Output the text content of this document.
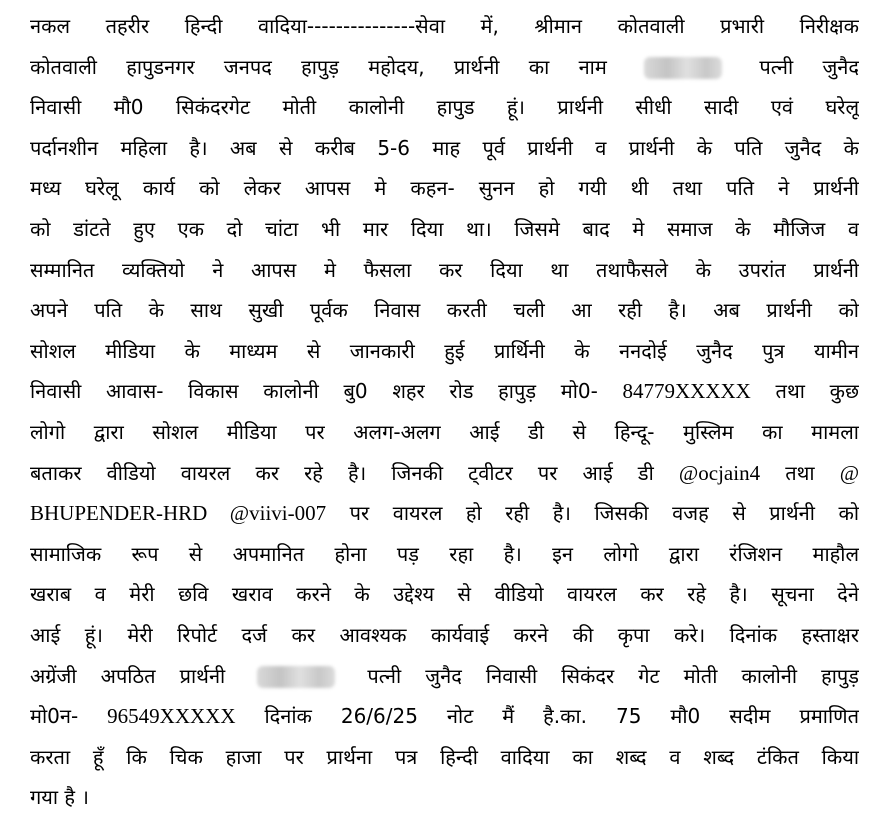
नकल तहरीर हिन्दी वादिया---------------सेवा में, श्रीमान कोतवाली प्रभारी निरीक्षक
कोतवाली हापुडनगर जनपद हापुड़ महोदय, प्रार्थनी का नाम	पत्नी जुनैद
निवासी मौ0 सिकंदरगेट मोती कालोनी हापुड हूं। प्रार्थनी सीधी सादी एवं घरेलू
पर्दानशीन महिला है। अब से करीब 5-6 माह पूर्व प्रार्थनी व प्रार्थनी के पति जुनैद के
मध्य घरेलू कार्य को लेकर आपस मे कहन- सुनन हो गयी थी तथा पति ने प्रार्थनी
को डांटते हुए एक दो चांटा भी मार दिया था। जिसमे बाद मे समाज के मौजिज व
सम्मानित व्यक्तियो ने आपस मे फैसला कर दिया था तथाफैसले के उपरांत प्रार्थनी
अपने पति के साथ सुखी पूर्वक निवास करती चली आ रही है। अब प्रार्थनी को
सोशल मीडिया के माध्यम से जानकारी हुई प्रार्थिनी के ननदोई जुनैद पुत्र यामीन
निवासी आवास- विकास कालोनी बु0 शहर रोड हापुड़ मो0- 84779XXXXX तथा कुछ
लोगो द्वारा सोशल मीडिया पर अलग-अलग आई डी से हिन्दू- मुस्लिम का मामला
बताकर वीडियो वायरल कर रहे है। जिनकी ट्वीटर पर आई डी @ocjain4 तथा @
BHUPENDER-HRD @viivi-007 पर वायरल हो रही है। जिसकी वजह से प्रार्थनी को
सामाजिक रूप से अपमानित होना पड़ रहा है। इन लोगो द्वारा रंजिशन माहौल
खराब व मेरी छवि खराव करने के उद्देश्य से वीडियो वायरल कर रहे है। सूचना देने
आई हूं। मेरी रिपोर्ट दर्ज कर आवश्यक कार्यवाई करने की कृपा करे। दिनांक हस्ताक्षर
अग्रेंजी अपठित प्रार्थनी	पत्नी जुनैद निवासी सिकंदर गेट मोती कालोनी हापुड़
मो0न- 96549XXXXX दिनांक 26/6/25 नोट मैं है.का. 75 मौ0 सदीम प्रमाणित
करता हूँ कि चिक हाजा पर प्रार्थना पत्र हिन्दी वादिया का शब्द व शब्द टंकित किया
गया है ।
